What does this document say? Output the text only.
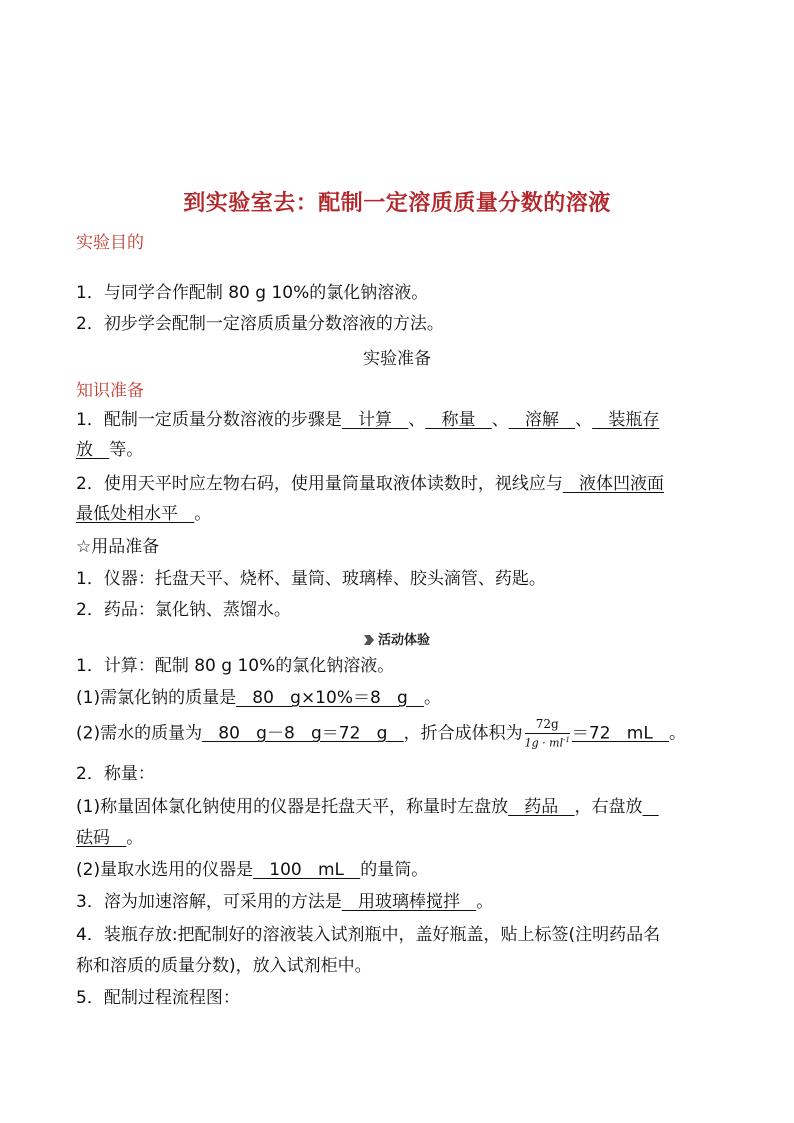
到实验室去：配制一定溶质质量分数的溶液
实验目的
1．与同学合作配制 80 g 10%的氯化钠溶液。
2．初步学会配制一定溶质质量分数溶液的方法。
实验准备
知识准备
1．配制一定质量分数溶液的步骤是   计算   、   称量   、   溶解   、   装瓶存
放   等。
2．使用天平时应左物右码，使用量筒量取液体读数时，视线应与   液体凹液面
最低处相水平   。
☆用品准备
1．仪器：托盘天平、烧杯、量筒、玻璃棒、胶头滴管、药匙。
2．药品：氯化钠、蒸馏水。
活动体验
1．计算：配制 80 g 10%的氯化钠溶液。
(1)需氯化钠的质量是   80   g×10%＝8   g   。
(2)需水的质量为   80   g－8   g＝72   g   ，折合成体积为 $\frac{72g}{1g \cdot ml^{-1}} =72$   mL   。
2．称量：
(1)称量固体氯化钠使用的仪器是托盘天平，称量时左盘放   药品   ，右盘放
砝码   。
(2)量取水选用的仪器是   100   mL   的量筒。
3．溶为加速溶解，可采用的方法是   用玻璃棒搅拌   。
4．装瓶存放:把配制好的溶液装入试剂瓶中，盖好瓶盖，贴上标签(注明药品名
称和溶质的质量分数)，放入试剂柜中。
5．配制过程流程图：
